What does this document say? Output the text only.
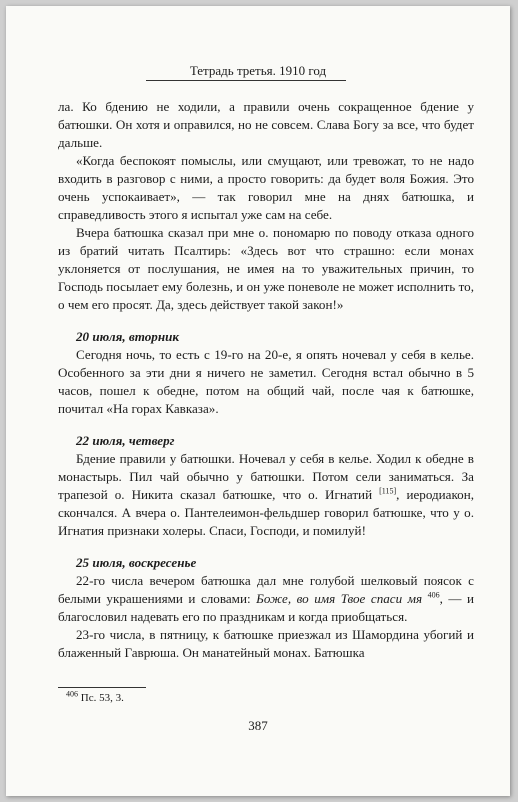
Тетрадь третья. 1910 год

ла. Ко бдению не ходили, а правили очень сокращенное бдение у батюшки. Он хотя и оправился, но не совсем. Слава Богу за все, что будет дальше.

«Когда беспокоят помыслы, или смущают, или тревожат, то не надо входить в разговор с ними, а просто говорить: да будет воля Божия. Это очень успокаивает», — так говорил мне на днях батюшка, и справедливость этого я испытал уже сам на себе.

Вчера батюшка сказал при мне о. пономарю по поводу отказа одного из братий читать Псалтирь: «Здесь вот что страшно: если монах уклоняется от послушания, не имея на то уважительных причин, то Господь посылает ему болезнь, и он уже поневоле не может исполнить то, о чем его просят. Да, здесь действует такой закон!»

20 июля, вторник

Сегодня ночь, то есть с 19-го на 20-е, я опять ночевал у себя в келье. Особенного за эти дни я ничего не заметил. Сегодня встал обычно в 5 часов, пошел к обедне, потом на общий чай, после чая к батюшке, почитал «На горах Кавказа».

22 июля, четверг

Бдение правили у батюшки. Ночевал у себя в келье. Ходил к обедне в монастырь. Пил чай обычно у батюшки. Потом сели заниматься. За трапезой о. Никита сказал батюшке, что о. Игнатий [115], иеродиакон, скончался. А вчера о. Пантелеимон-фельдшер говорил батюшке, что у о. Игнатия признаки холеры. Спаси, Господи, и помилуй!

25 июля, воскресенье

22-го числа вечером батюшка дал мне голубой шелковый поясок с белыми украшениями и словами: Боже, во имя Твое спаси мя $^{406}$, — и благословил надевать его по праздникам и когда приобщаться.

23-го числа, в пятницу, к батюшке приезжал из Шамордина убогий и блаженный Гаврюша. Он манатейный монах. Батюшка

$^{406}$ Пс. 53, 3.
387
